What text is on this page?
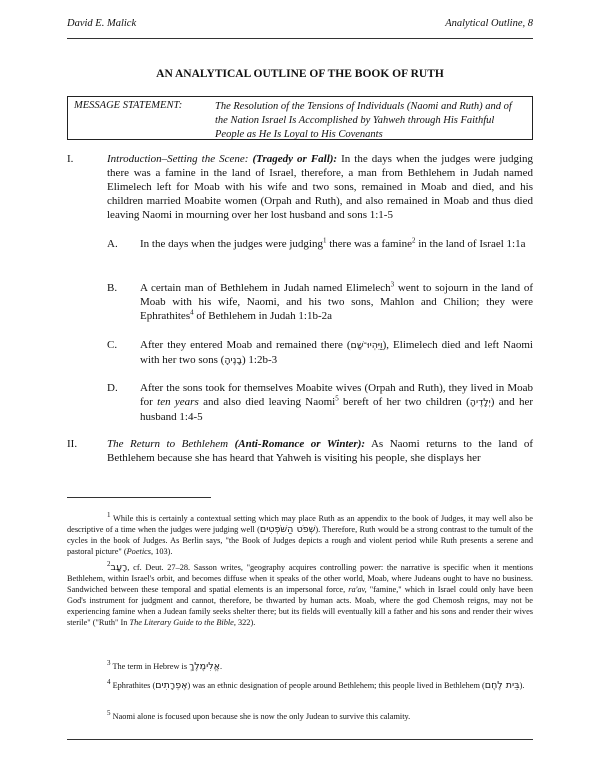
David E. Malick	Analytical Outline, 8
AN ANALYTICAL OUTLINE OF THE BOOK OF RUTH
MESSAGE STATEMENT:	The Resolution of the Tensions of Individuals (Naomi and Ruth) and of the Nation Israel Is Accomplished by Yahweh through His Faithful People as He Is Loyal to His Covenants
I.	Introduction–Setting the Scene: (Tragedy or Fall): In the days when the judges were judging there was a famine in the land of Israel, therefore, a man from Bethlehem in Judah named Elimelech left for Moab with his wife and two sons, remained in Moab and died, and his children married Moabite women (Orpah and Ruth), and also remained in Moab and thus died leaving Naomi in mourning over her lost husband and sons 1:1-5
A. In the days when the judges were judging$^1$ there was a famine$^2$ in the land of Israel 1:1a
B. A certain man of Bethlehem in Judah named Elimelech$^3$ went to sojourn in the land of Moab with his wife, Naomi, and his two sons, Mahlon and Chilion; they were Ephrathites$^4$ of Bethlehem in Judah 1:1b-2a
C. After they entered Moab and remained there (וַיִּהְיוּ־שָׁם), Elimelech died and left Naomi with her two sons (בָנֶיהָ) 1:2b-3
D. After the sons took for themselves Moabite wives (Orpah and Ruth), they lived in Moab for ten years and also died leaving Naomi$^5$ bereft of her two children (יְלָדֶיהָ) and her husband 1:4-5
II.	The Return to Bethlehem (Anti-Romance or Winter): As Naomi returns to the land of Bethlehem because she has heard that Yahweh is visiting his people, she displays her
$^1$ While this is certainly a contextual setting which may place Ruth as an appendix to the book of Judges, it may well also be descriptive of a time when the judges were judging well (שְׁפֹט הַשֹּׁפְטִים). Therefore, Ruth would be a strong contrast to the tumult of the cycles in the book of Judges. As Berlin says, "the Book of Judges depicts a rough and violent period while Ruth presents a serene and pastoral picture" (Poetics, 103).
$^2$רָעָב, cf. Deut. 27–28. Sasson writes, "geography acquires controlling power: the narrative is specific when it mentions Bethlehem, within Israel's orbit, and becomes diffuse when it speaks of the other world, Moab, where Judeans ought to have no business. Sandwiched between these temporal and spatial elements is an impersonal force, ra'av, "famine," which in Israel could only have been God's instrument for judgment and cannot, therefore, be thwarted by human acts. Moab, where the god Chemosh reigns, may not be experiencing famine when a Judean family seeks shelter there; but its fields will eventually kill a father and his sons and render their wives sterile" ("Ruth" In The Literary Guide to the Bible, 322).
$^3$ The term in Hebrew is אֱלִימֶלֶךְ.
$^4$ Ephrathites (אֶפְרָתִים) was an ethnic designation of people around Bethlehem; this people lived in Bethlehem (בֵּית לֶחֶם).
$^5$ Naomi alone is focused upon because she is now the only Judean to survive this calamity.
